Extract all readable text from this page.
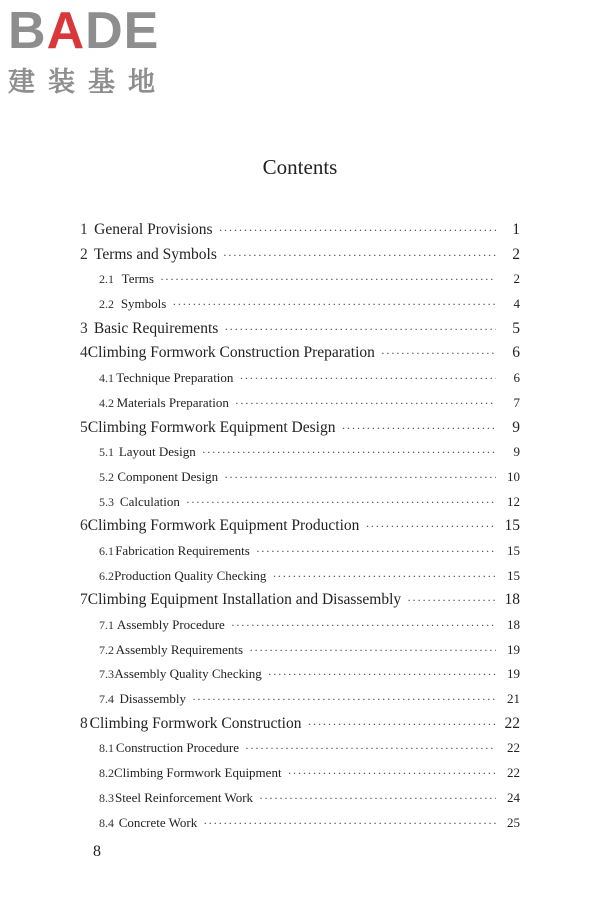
BADE
建装基地
Contents
1 General Provisions ·····	1
2 Terms and Symbols ·····	2
2.1 Terms ·····	2
2.2 Symbols ·····	4
3 Basic Requirements ·····	5
4 Climbing Formwork Construction Preparation ·····	6
4.1 Technique Preparation ·····	6
4.2 Materials Preparation ·····	7
5 Climbing Formwork Equipment Design ·····	9
5.1 Layout Design ·····	9
5.2 Component Design ·····	10
5.3 Calculation ·····	12
6 Climbing Formwork Equipment Production ·····	15
6.1 Fabrication Requirements ·····	15
6.2 Production Quality Checking ·····	15
7 Climbing Equipment Installation and Disassembly ·····	18
7.1 Assembly Procedure ·····	18
7.2 Assembly Requirements ·····	19
7.3 Assembly Quality Checking ·····	19
7.4 Disassembly ·····	21
8 Climbing Formwork Construction ·····	22
8.1 Construction Procedure ·····	22
8.2 Climbing Formwork Equipment ·····	22
8.3 Steel Reinforcement Work ·····	24
8.4 Concrete Work ·····	25
8
